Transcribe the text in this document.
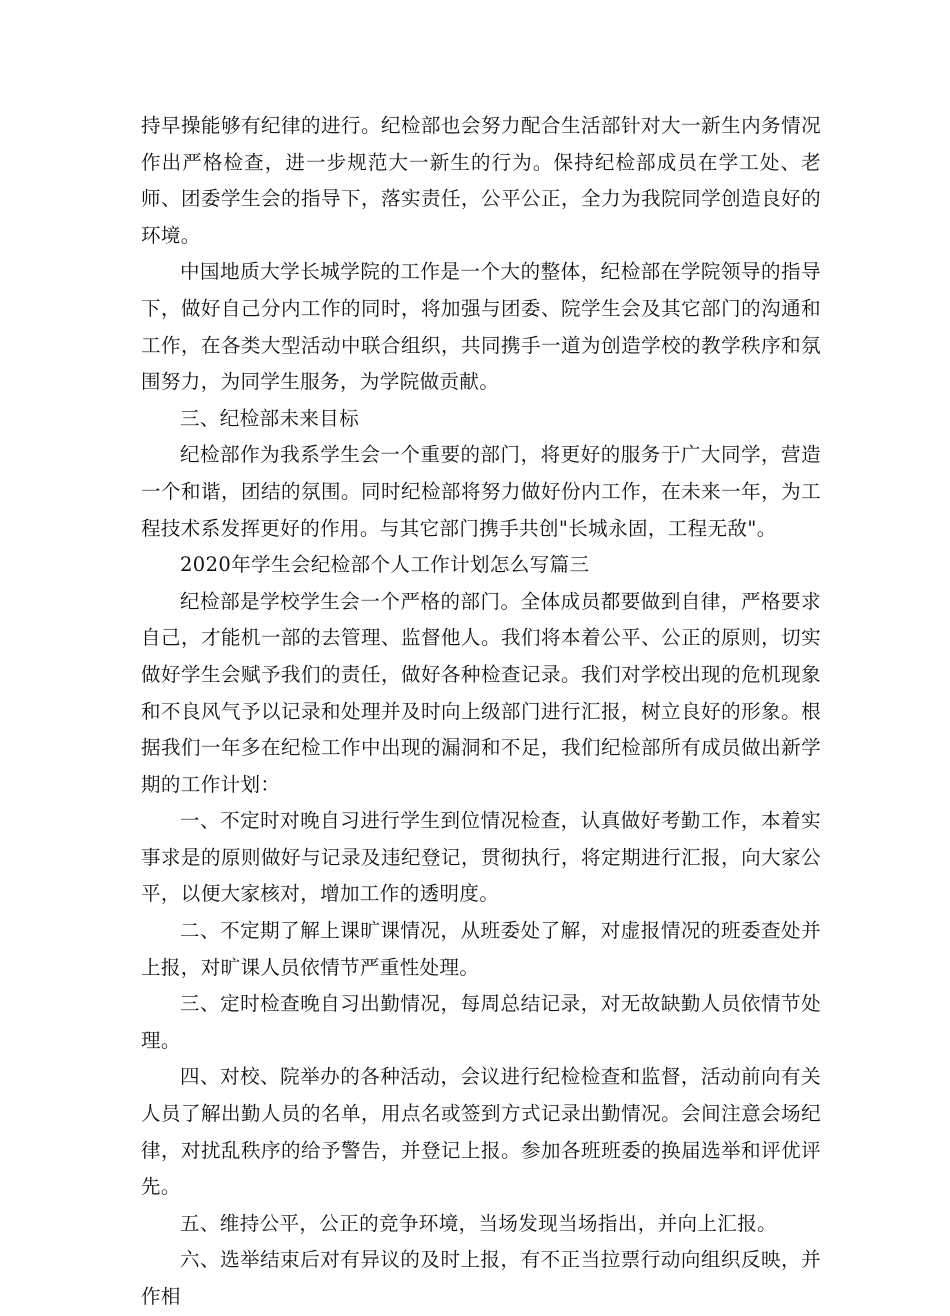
持早操能够有纪律的进行。纪检部也会努力配合生活部针对大一新生内务情况作出严格检查，进一步规范大一新生的行为。保持纪检部成员在学工处、老师、团委学生会的指导下，落实责任，公平公正，全力为我院同学创造良好的环境。

中国地质大学长城学院的工作是一个大的整体，纪检部在学院领导的指导下，做好自己分内工作的同时，将加强与团委、院学生会及其它部门的沟通和工作，在各类大型活动中联合组织，共同携手一道为创造学校的教学秩序和氛围努力，为同学生服务，为学院做贡献。

三、纪检部未来目标

纪检部作为我系学生会一个重要的部门，将更好的服务于广大同学，营造一个和谐，团结的氛围。同时纪检部将努力做好份内工作，在未来一年，为工程技术系发挥更好的作用。与其它部门携手共创"长城永固，工程无敌"。

2020年学生会纪检部个人工作计划怎么写篇三

纪检部是学校学生会一个严格的部门。全体成员都要做到自律，严格要求自己，才能机一部的去管理、监督他人。我们将本着公平、公正的原则，切实做好学生会赋予我们的责任，做好各种检查记录。我们对学校出现的危机现象和不良风气予以记录和处理并及时向上级部门进行汇报，树立良好的形象。根据我们一年多在纪检工作中出现的漏洞和不足，我们纪检部所有成员做出新学期的工作计划：

一、不定时对晚自习进行学生到位情况检查，认真做好考勤工作，本着实事求是的原则做好与记录及违纪登记，贯彻执行，将定期进行汇报，向大家公平，以便大家核对，增加工作的透明度。

二、不定期了解上课旷课情况，从班委处了解，对虚报情况的班委查处并上报，对旷课人员依情节严重性处理。

三、定时检查晚自习出勤情况，每周总结记录，对无故缺勤人员依情节处理。

四、对校、院举办的各种活动，会议进行纪检检查和监督，活动前向有关人员了解出勤人员的名单，用点名或签到方式记录出勤情况。会间注意会场纪律，对扰乱秩序的给予警告，并登记上报。参加各班班委的换届选举和评优评先。

五、维持公平，公正的竞争环境，当场发现当场指出，并向上汇报。

六、选举结束后对有异议的及时上报，有不正当拉票行动向组织反映，并作相
